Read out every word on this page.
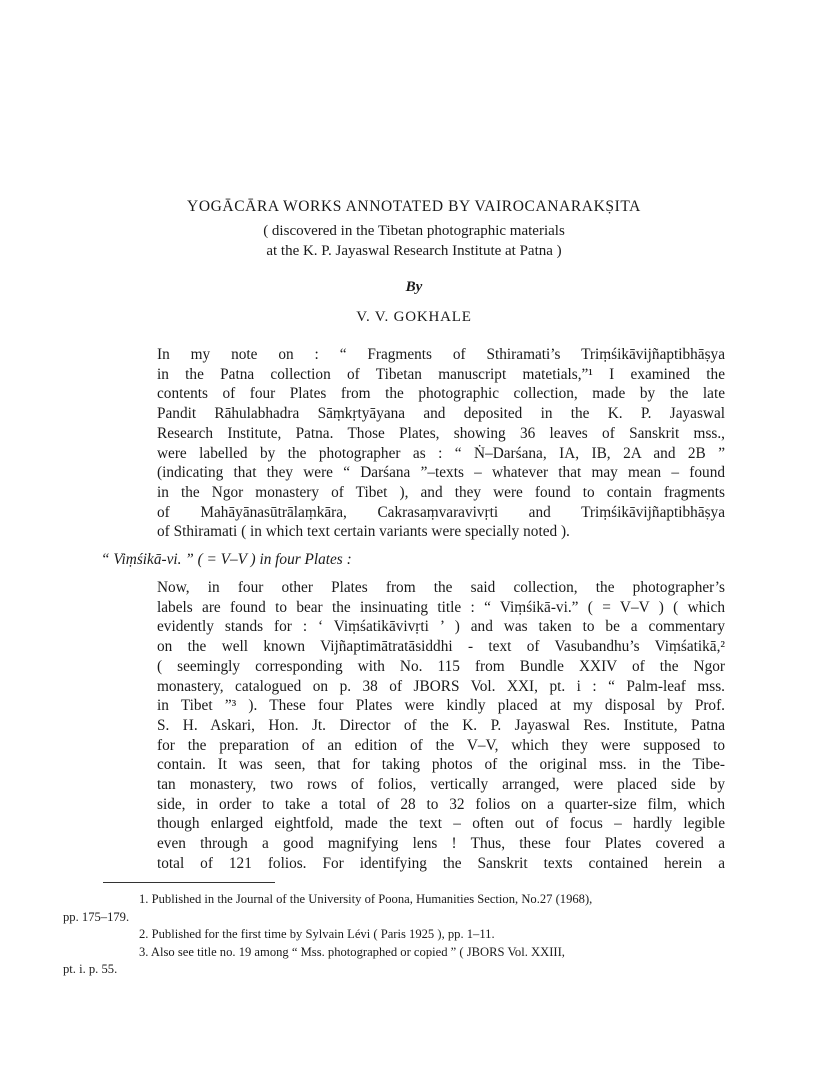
YOGĀCĀRA WORKS ANNOTATED BY VAIROCANARAKṢITA
( discovered in the Tibetan photographic materials
at the K. P. Jayaswal Research Institute at Patna )
By
V. V. GOKHALE
In my note on : “ Fragments of Sthiramati’s Triṃśikāvijñaptibhāṣya
in the Patna collection of Tibetan manuscript matetials,”¹ I examined the
contents of four Plates from the photographic collection, made by the late
Pandit Rāhulabhadra Sāṃkṛtyāyana and deposited in the K. P. Jayaswal
Research Institute, Patna. Those Plates, showing 36 leaves of Sanskrit mss.,
were labelled by the photographer as : “ Ṅ–Darśana, IA, IB, 2A and 2B ”
(indicating that they were “ Darśana ”–texts – whatever that may mean – found
in the Ngor monastery of Tibet ), and they were found to contain fragments
of Mahāyānasūtrālaṃkāra, Cakrasaṃvaravivṛti and Triṃśikāvijñaptibhāṣya
of Sthiramati ( in which text certain variants were specially noted ).
“ Viṃśikā-vi. ” ( = V–V ) in four Plates :
Now, in four other Plates from the said collection, the photographer’s
labels are found to bear the insinuating title : “ Viṃśikā-vi.” ( = V–V ) ( which
evidently stands for : ‘ Viṃśatikāvivṛti ’ ) and was taken to be a commentary
on the well known Vijñaptimātratāsiddhi - text of Vasubandhu’s Viṃśatikā,²
( seemingly corresponding with No. 115 from Bundle XXIV of the Ngor
monastery, catalogued on p. 38 of JBORS Vol. XXI, pt. i : “ Palm-leaf mss.
in Tibet ”³ ). These four Plates were kindly placed at my disposal by Prof.
S. H. Askari, Hon. Jt. Director of the K. P. Jayaswal Res. Institute, Patna
for the preparation of an edition of the V–V, which they were supposed to
contain. It was seen, that for taking photos of the original mss. in the Tibe-
tan monastery, two rows of folios, vertically arranged, were placed side by
side, in order to take a total of 28 to 32 folios on a quarter-size film, which
though enlarged eightfold, made the text – often out of focus – hardly legible
even through a good magnifying lens ! Thus, these four Plates covered a
total of 121 folios. For identifying the Sanskrit texts contained herein a

1. Published in the Journal of the University of Poona, Humanities Section, No.27 (1968),
pp. 175–179.

2. Published for the first time by Sylvain Lévi ( Paris 1925 ), pp. 1–11.

3. Also see title no. 19 among “ Mss. photographed or copied ” ( JBORS Vol. XXIII,
pt. i. p. 55.
